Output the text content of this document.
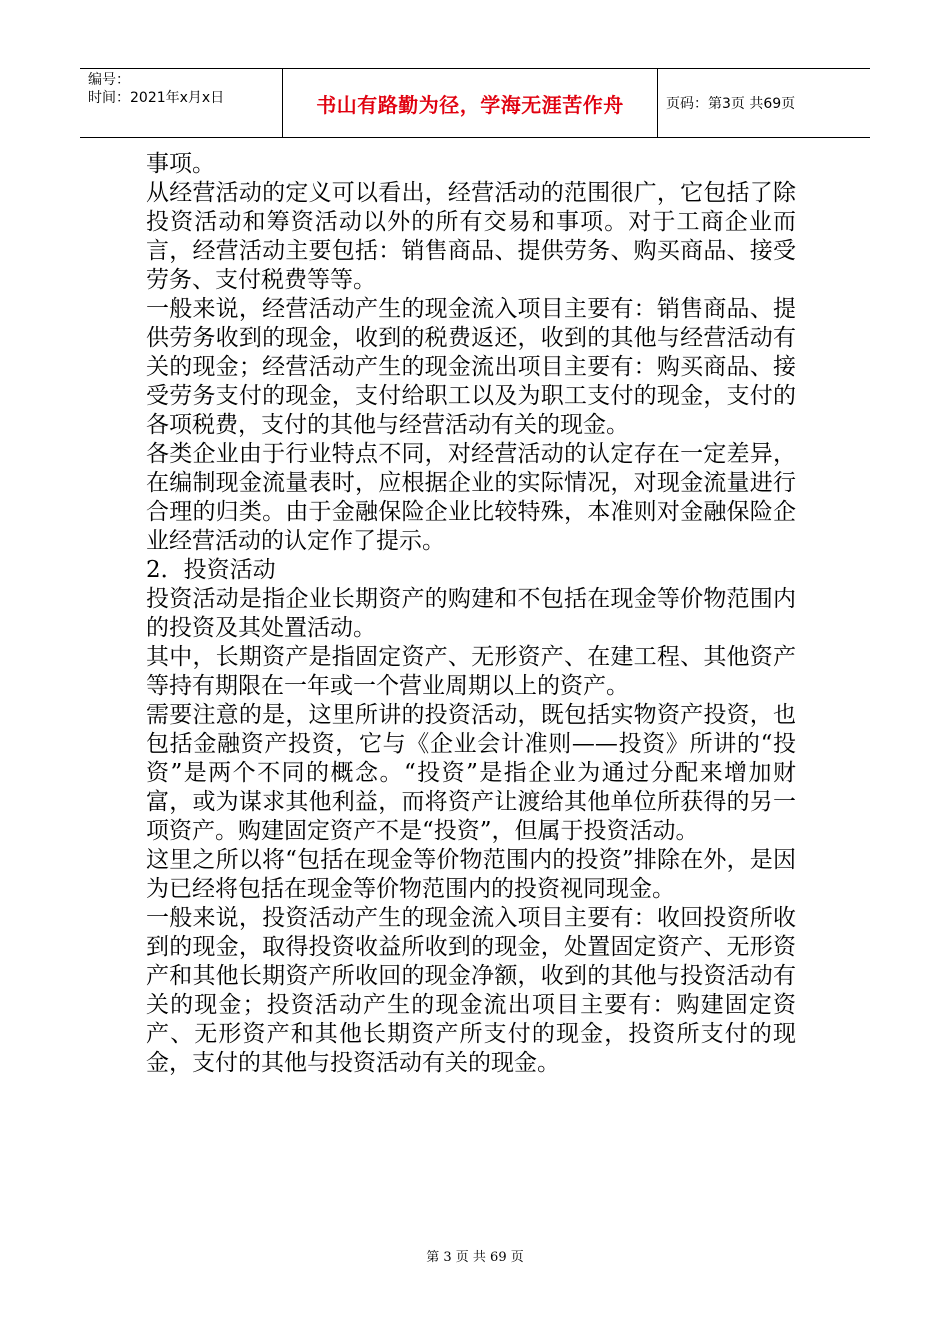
编号：
时间：2021年x月x日	书山有路勤为径，学海无涯苦作舟	页码：第3页 共69页

事项。

从经营活动的定义可以看出，经营活动的范围很广，它包括了除投资活动和筹资活动以外的所有交易和事项。对于工商企业而言，经营活动主要包括：销售商品、提供劳务、购买商品、接受劳务、支付税费等等。

一般来说，经营活动产生的现金流入项目主要有：销售商品、提供劳务收到的现金，收到的税费返还，收到的其他与经营活动有关的现金；经营活动产生的现金流出项目主要有：购买商品、接受劳务支付的现金，支付给职工以及为职工支付的现金，支付的各项税费，支付的其他与经营活动有关的现金。

各类企业由于行业特点不同，对经营活动的认定存在一定差异，在编制现金流量表时，应根据企业的实际情况，对现金流量进行合理的归类。由于金融保险企业比较特殊，本准则对金融保险企业经营活动的认定作了提示。

2．投资活动

投资活动是指企业长期资产的购建和不包括在现金等价物范围内的投资及其处置活动。

其中，长期资产是指固定资产、无形资产、在建工程、其他资产等持有期限在一年或一个营业周期以上的资产。

需要注意的是，这里所讲的投资活动，既包括实物资产投资，也包括金融资产投资，它与《企业会计准则——投资》所讲的“投资”是两个不同的概念。“投资”是指企业为通过分配来增加财富，或为谋求其他利益，而将资产让渡给其他单位所获得的另一项资产。购建固定资产不是“投资”，但属于投资活动。

这里之所以将“包括在现金等价物范围内的投资”排除在外，是因为已经将包括在现金等价物范围内的投资视同现金。

一般来说，投资活动产生的现金流入项目主要有：收回投资所收到的现金，取得投资收益所收到的现金，处置固定资产、无形资产和其他长期资产所收回的现金净额，收到的其他与投资活动有关的现金；投资活动产生的现金流出项目主要有：购建固定资产、无形资产和其他长期资产所支付的现金，投资所支付的现金，支付的其他与投资活动有关的现金。

第 3 页 共 69 页
